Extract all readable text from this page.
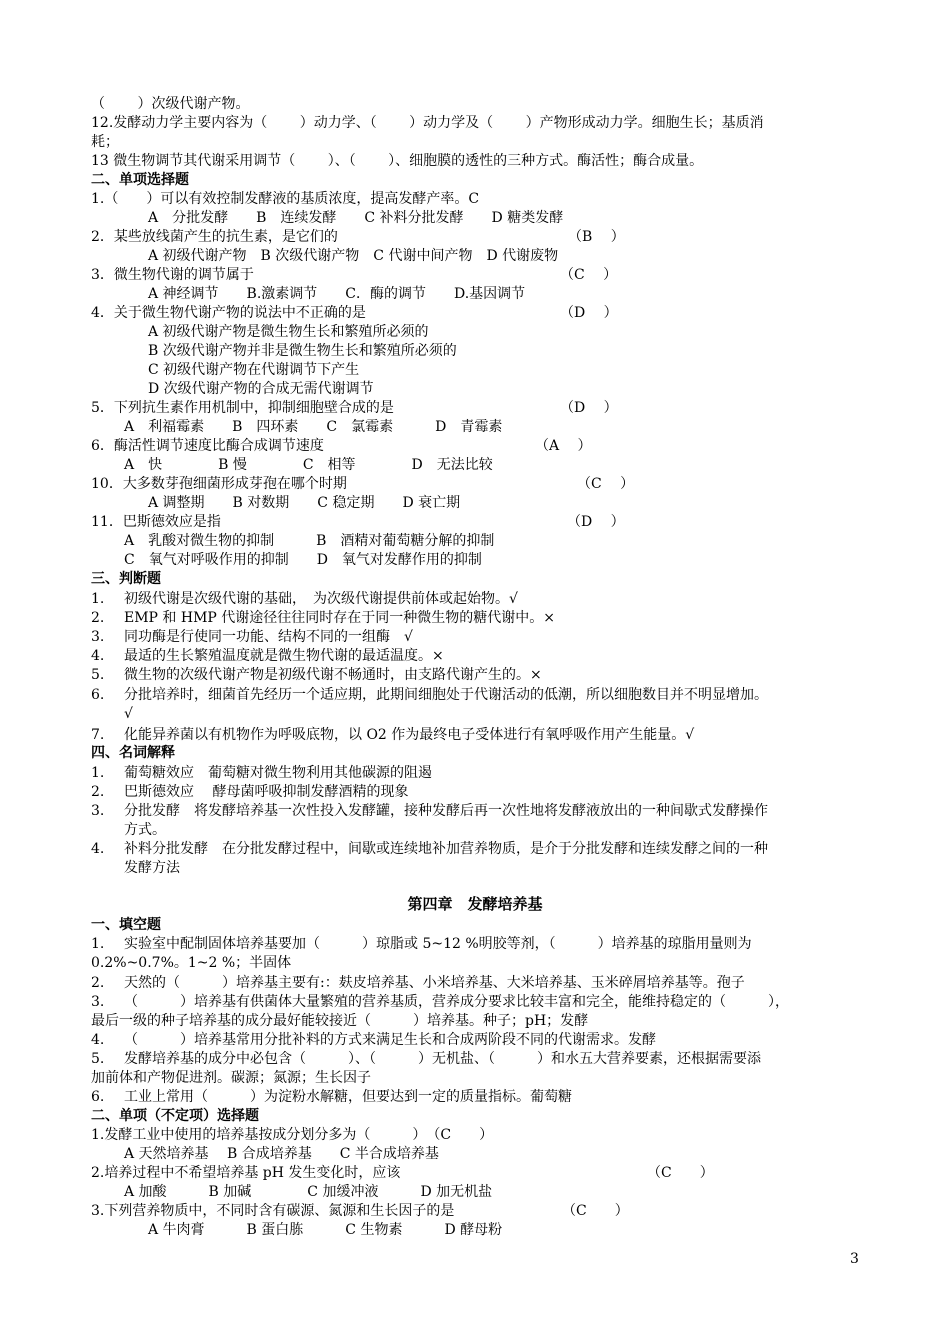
（　　 ）次级代谢产物。
12.发酵动力学主要内容为（　　 ）动力学、（　　 ）动力学及（　　 ）产物形成动力学。细胞生长；基质消
耗；
13 微生物调节其代谢采用调节（　　 ）、（　　 ）、细胞膜的透性的三种方式。酶活性；酶合成量。
二、单项选择题
1.（　　）可以有效控制发酵液的基质浓度，提高发酵产率。C
A　分批发酵　　B　连续发酵　　C 补料分批发酵　　D 糖类发酵
2．某些放线菌产生的抗生素，是它们的	（B　 ）
A 初级代谢产物　B 次级代谢产物　C 代谢中间产物　D 代谢废物
3．微生物代谢的调节属于	（C　 ）
A 神经调节　　B.激素调节　　C．酶的调节　　D.基因调节
4．关于微生物代谢产物的说法中不正确的是	（D　 ）
A 初级代谢产物是微生物生长和繁殖所必须的
B 次级代谢产物并非是微生物生长和繁殖所必须的
C 初级代谢产物在代谢调节下产生
D 次级代谢产物的合成无需代谢调节
5．下列抗生素作用机制中，抑制细胞壁合成的是	（D　 ）
A　利福霉素　　B　四环素　　C　氯霉素　　　D　青霉素
6．酶活性调节速度比酶合成调节速度	（A　 ）
A　快　　　　B 慢　　　　C　相等　　　　D　无法比较
10．大多数芽孢细菌形成芽孢在哪个时期	（C　 ）
A 调整期　　B 对数期　　C 稳定期　　D 衰亡期
11．巴斯德效应是指	（D　 ）
A　乳酸对微生物的抑制　　　B　酒精对葡萄糖分解的抑制
C　氧气对呼吸作用的抑制　　D　氧气对发酵作用的抑制
三、判断题
1. 初级代谢是次级代谢的基础，　为次级代谢提供前体或起始物。√
2. EMP 和 HMP 代谢途径往往同时存在于同一种微生物的糖代谢中。×
3. 同功酶是行使同一功能、结构不同的一组酶　√
4. 最适的生长繁殖温度就是微生物代谢的最适温度。×
5. 微生物的次级代谢产物是初级代谢不畅通时，由支路代谢产生的。×
6. 分批培养时，细菌首先经历一个适应期，此期间细胞处于代谢活动的低潮，所以细胞数目并不明显增加。
√
7. 化能异养菌以有机物作为呼吸底物，以 O2 作为最终电子受体进行有氧呼吸作用产生能量。√
四、名词解释
1. 葡萄糖效应　葡萄糖对微生物利用其他碳源的阻遏
2. 巴斯德效应　 酵母菌呼吸抑制发酵酒精的现象
3. 分批发酵　将发酵培养基一次性投入发酵罐，接种发酵后再一次性地将发酵液放出的一种间歇式发酵操作
方式。
4. 补料分批发酵　在分批发酵过程中，间歇或连续地补加营养物质，是介于分批发酵和连续发酵之间的一种
发酵方法
一、填空题
1. 实验室中配制固体培养基要加（　　　）琼脂或 5~12 %明胶等剂，（　　　）培养基的琼脂用量则为
0.2%~0.7%。1~2 %；半固体
2. 天然的（　　　）培养基主要有:：麸皮培养基、小米培养基、大米培养基、玉米碎屑培养基等。孢子
3. （　　　）培养基有供菌体大量繁殖的营养基质，营养成分要求比较丰富和完全，能维持稳定的（　　　），
最后一级的种子培养基的成分最好能较接近（　　　）培养基。种子；pH；发酵
4. （　　　）培养基常用分批补料的方式来满足生长和合成两阶段不同的代谢需求。发酵
5. 发酵培养基的成分中必包含（　　　）、（　　　）无机盐、（　　　）和水五大营养要素，还根据需要添
加前体和产物促进剂。碳源；氮源；生长因子
6. 工业上常用（　　　）为淀粉水解糖，但要达到一定的质量指标。葡萄糖
二、单项（不定项）选择题
1.发酵工业中使用的培养基按成分划分多为（　　　）　（C　　）
A 天然培养基　 B 合成培养基　　C 半合成培养基
2.培养过程中不希望培养基 pH 发生变化时，应该	（C　　）
A 加酸　　　B 加碱　　　　C 加缓冲液　　　D 加无机盐
3.下列营养物质中，不同时含有碳源、氮源和生长因子的是	（C　　）
A 牛肉膏　　　B 蛋白胨　　　C 生物素　　　D 酵母粉
第四章　发酵培养基
3
